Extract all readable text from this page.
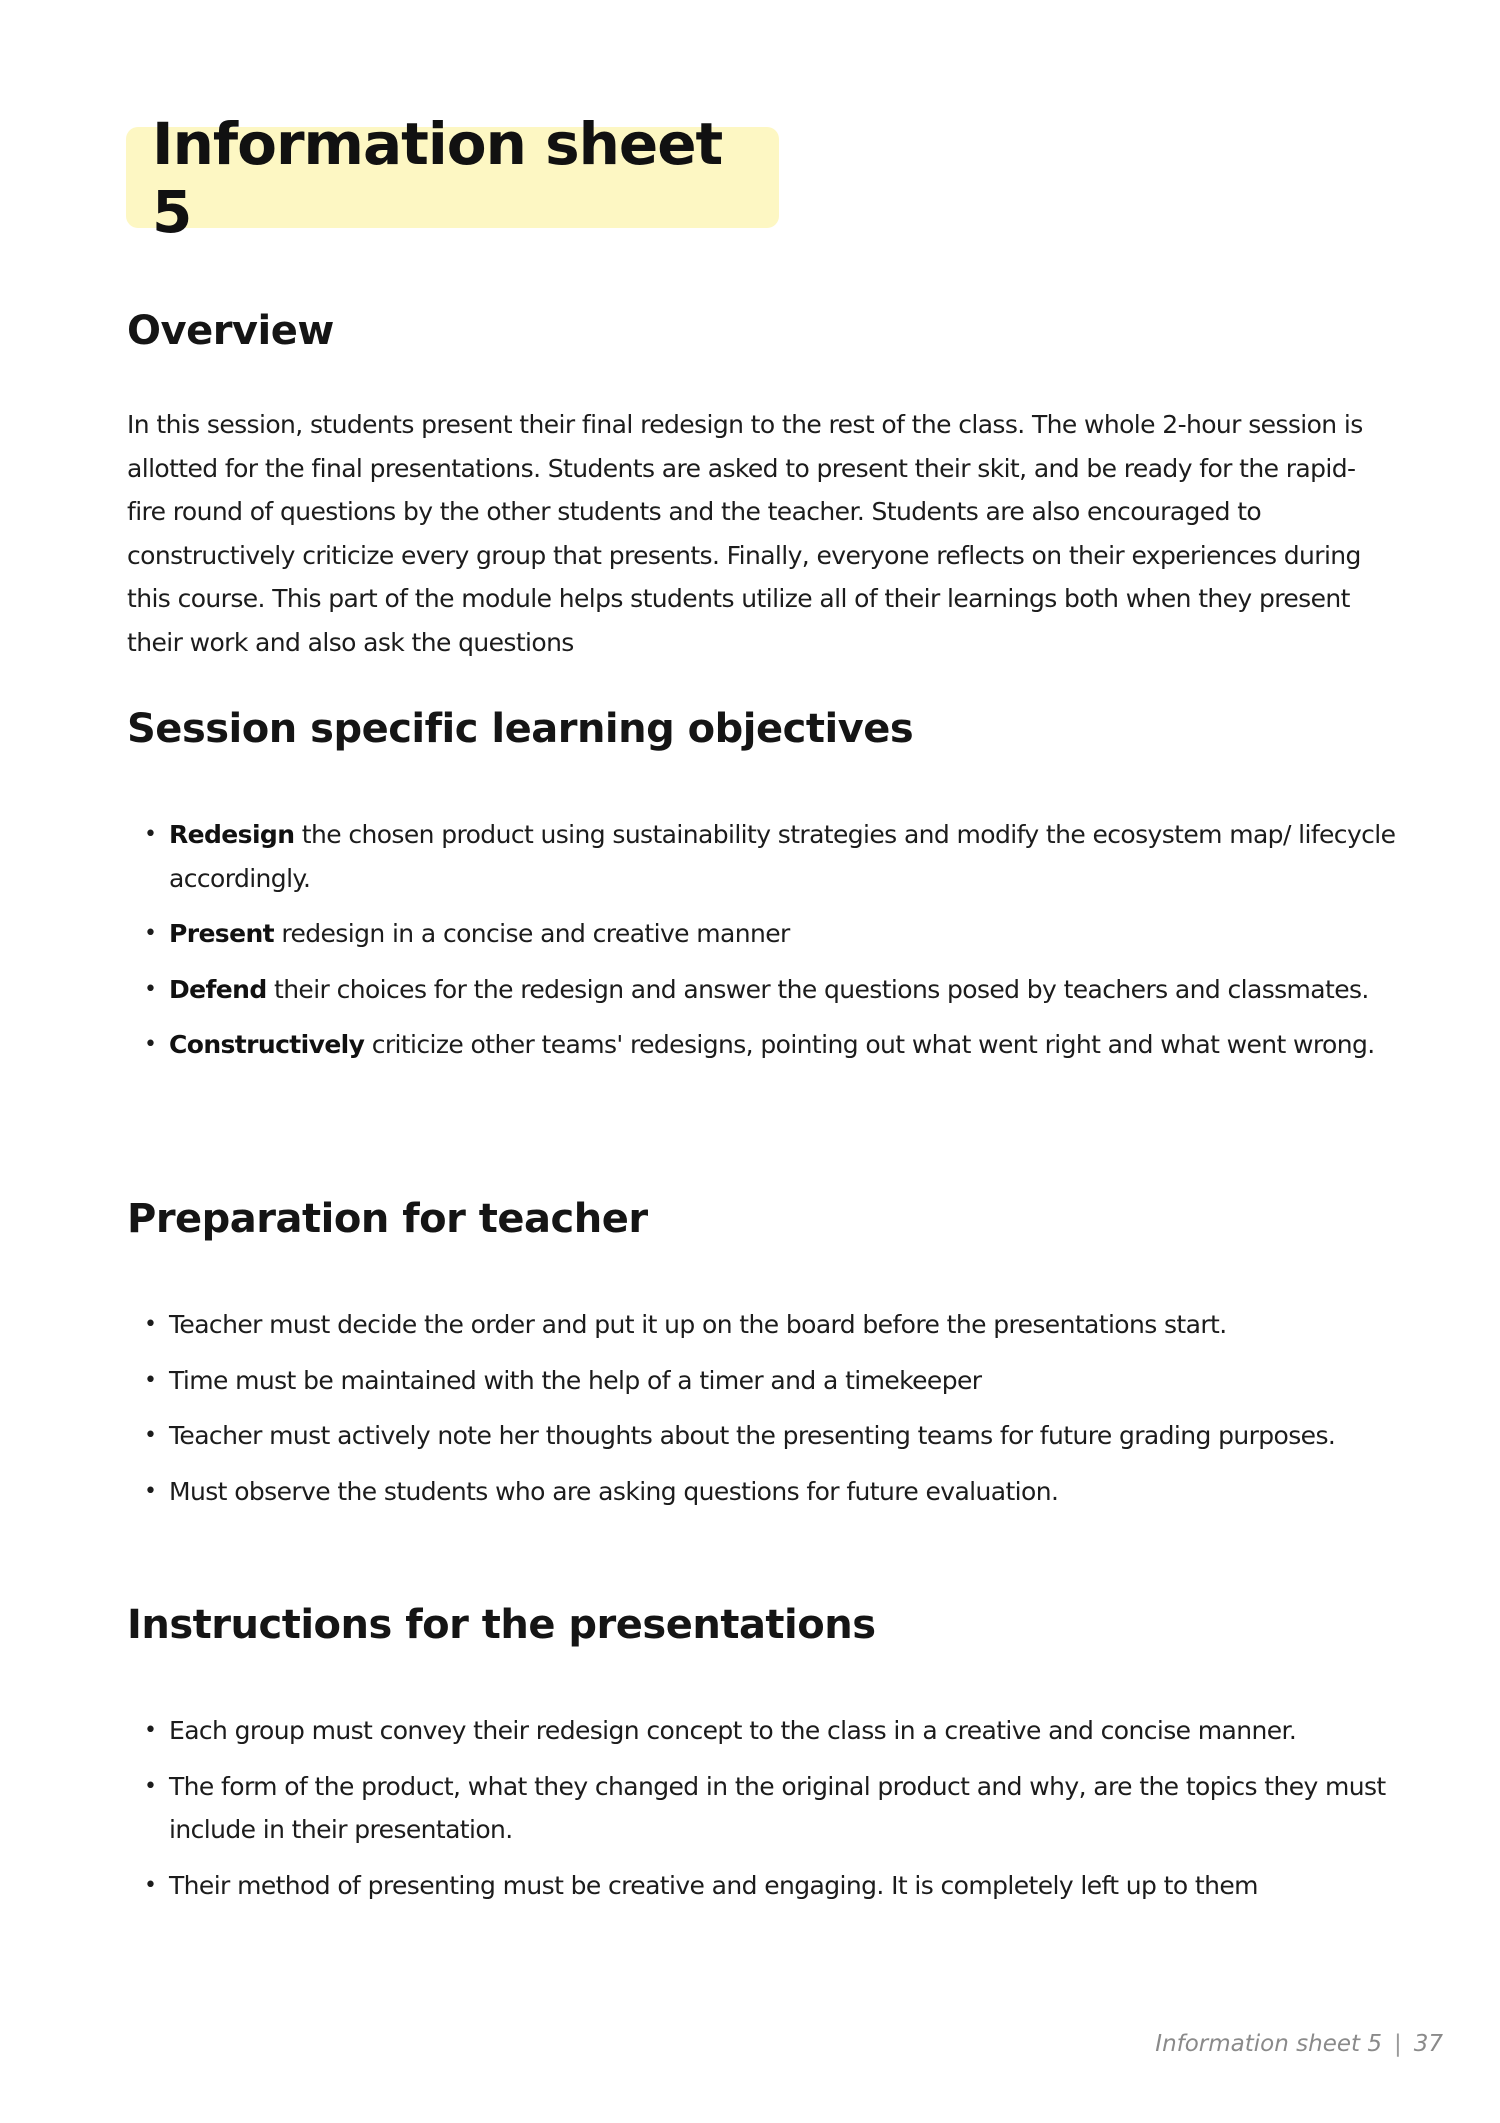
Information sheet 5
Overview

In this session, students present their final redesign to the rest of the class. The whole 2-hour session is allotted for the final presentations. Students are asked to present their skit, and be ready for the rapid-fire round of questions by the other students and the teacher. Students are also encouraged to constructively criticize every group that presents. Finally, everyone reflects on their experiences during this course. This part of the module helps students utilize all of their learnings both when they present their work and also ask the questions

Session specific learning objectives
• Redesign the chosen product using sustainability strategies and modify the ecosystem map/ lifecycle accordingly.
• Present redesign in a concise and creative manner
• Defend their choices for the redesign and answer the questions posed by teachers and classmates.
• Constructively criticize other teams' redesigns, pointing out what went right and what went wrong.
Preparation for teacher
• Teacher must decide the order and put it up on the board before the presentations start.
• Time must be maintained with the help of a timer and a timekeeper
• Teacher must actively note her thoughts about the presenting teams for future grading purposes.
• Must observe the students who are asking questions for future evaluation.
Instructions for the presentations
• Each group must convey their redesign concept to the class in a creative and concise manner.
• The form of the product, what they changed in the original product and why, are the topics they must include in their presentation.
• Their method of presenting must be creative and engaging. It is completely left up to them
Information sheet 5 | 37
